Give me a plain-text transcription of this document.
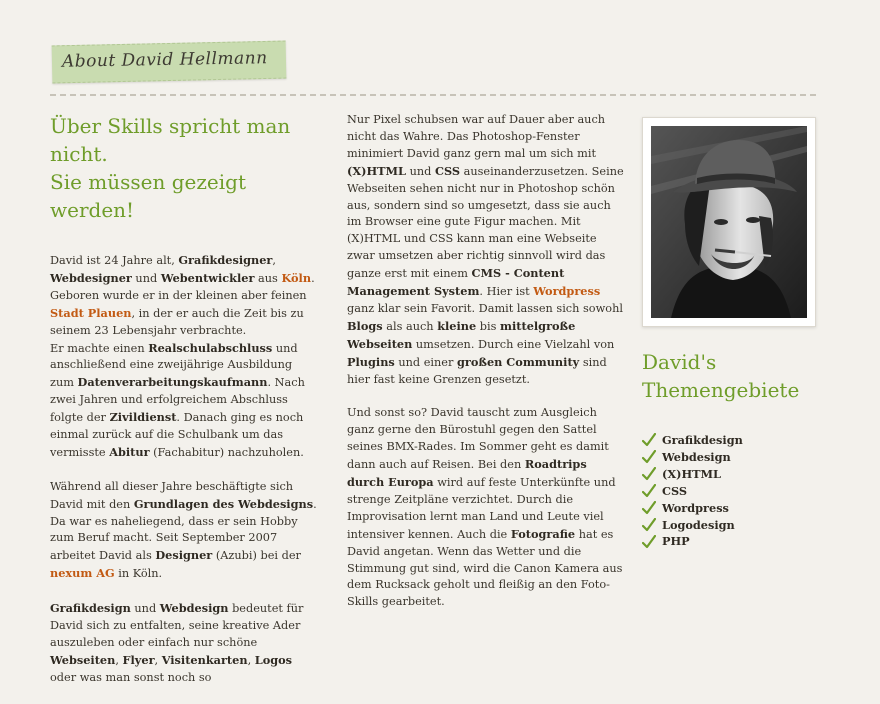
About David Hellmann
Über Skills spricht man nicht.
Sie müssen gezeigt werden!

David ist 24 Jahre alt, Grafikdesigner, Webdesigner und Webentwickler aus Köln. Geboren wurde er in der kleinen aber feinen Stadt Plauen, in der er auch die Zeit bis zu seinem 23 Lebensjahr verbrachte.
Er machte einen Realschulabschluss und anschließend eine zweijährige Ausbildung zum Datenverarbeitungskaufmann. Nach zwei Jahren und erfolgreichem Abschluss folgte der Zivildienst. Danach ging es noch einmal zurück auf die Schulbank um das vermisste Abitur (Fachabitur) nachzuholen.

Während all dieser Jahre beschäftigte sich David mit den Grundlagen des Webdesigns. Da war es naheliegend, dass er sein Hobby zum Beruf macht. Seit September 2007 arbeitet David als Designer (Azubi) bei der nexum AG in Köln.

Grafikdesign und Webdesign bedeutet für David sich zu entfalten, seine kreative Ader auszuleben oder einfach nur schöne Webseiten, Flyer, Visitenkarten, Logos oder was man sonst noch so

Nur Pixel schubsen war auf Dauer aber auch nicht das Wahre. Das Photoshop-Fenster minimiert David ganz gern mal um sich mit (X)HTML und CSS auseinanderzusetzen. Seine Webseiten sehen nicht nur in Photoshop schön aus, sondern sind so umgesetzt, dass sie auch im Browser eine gute Figur machen. Mit (X)HTML und CSS kann man eine Webseite zwar umsetzen aber richtig sinnvoll wird das ganze erst mit einem CMS - Content Management System. Hier ist Wordpress ganz klar sein Favorit. Damit lassen sich sowohl Blogs als auch kleine bis mittelgroße Webseiten umsetzen. Durch eine Vielzahl von Plugins und einer großen Community sind hier fast keine Grenzen gesetzt.

Und sonst so? David tauscht zum Ausgleich ganz gerne den Bürostuhl gegen den Sattel seines BMX-Rades. Im Sommer geht es damit dann auch auf Reisen. Bei den Roadtrips durch Europa wird auf feste Unterkünfte und strenge Zeitpläne verzichtet. Durch die Improvisation lernt man Land und Leute viel intensiver kennen. Auch die Fotografie hat es David angetan. Wenn das Wetter und die Stimmung gut sind, wird die Canon Kamera aus dem Rucksack geholt und fleißig an den Foto-Skills gearbeitet.

David's
Themengebiete
Grafikdesign
Webdesign
(X)HTML
CSS
Wordpress
Logodesign
PHP
